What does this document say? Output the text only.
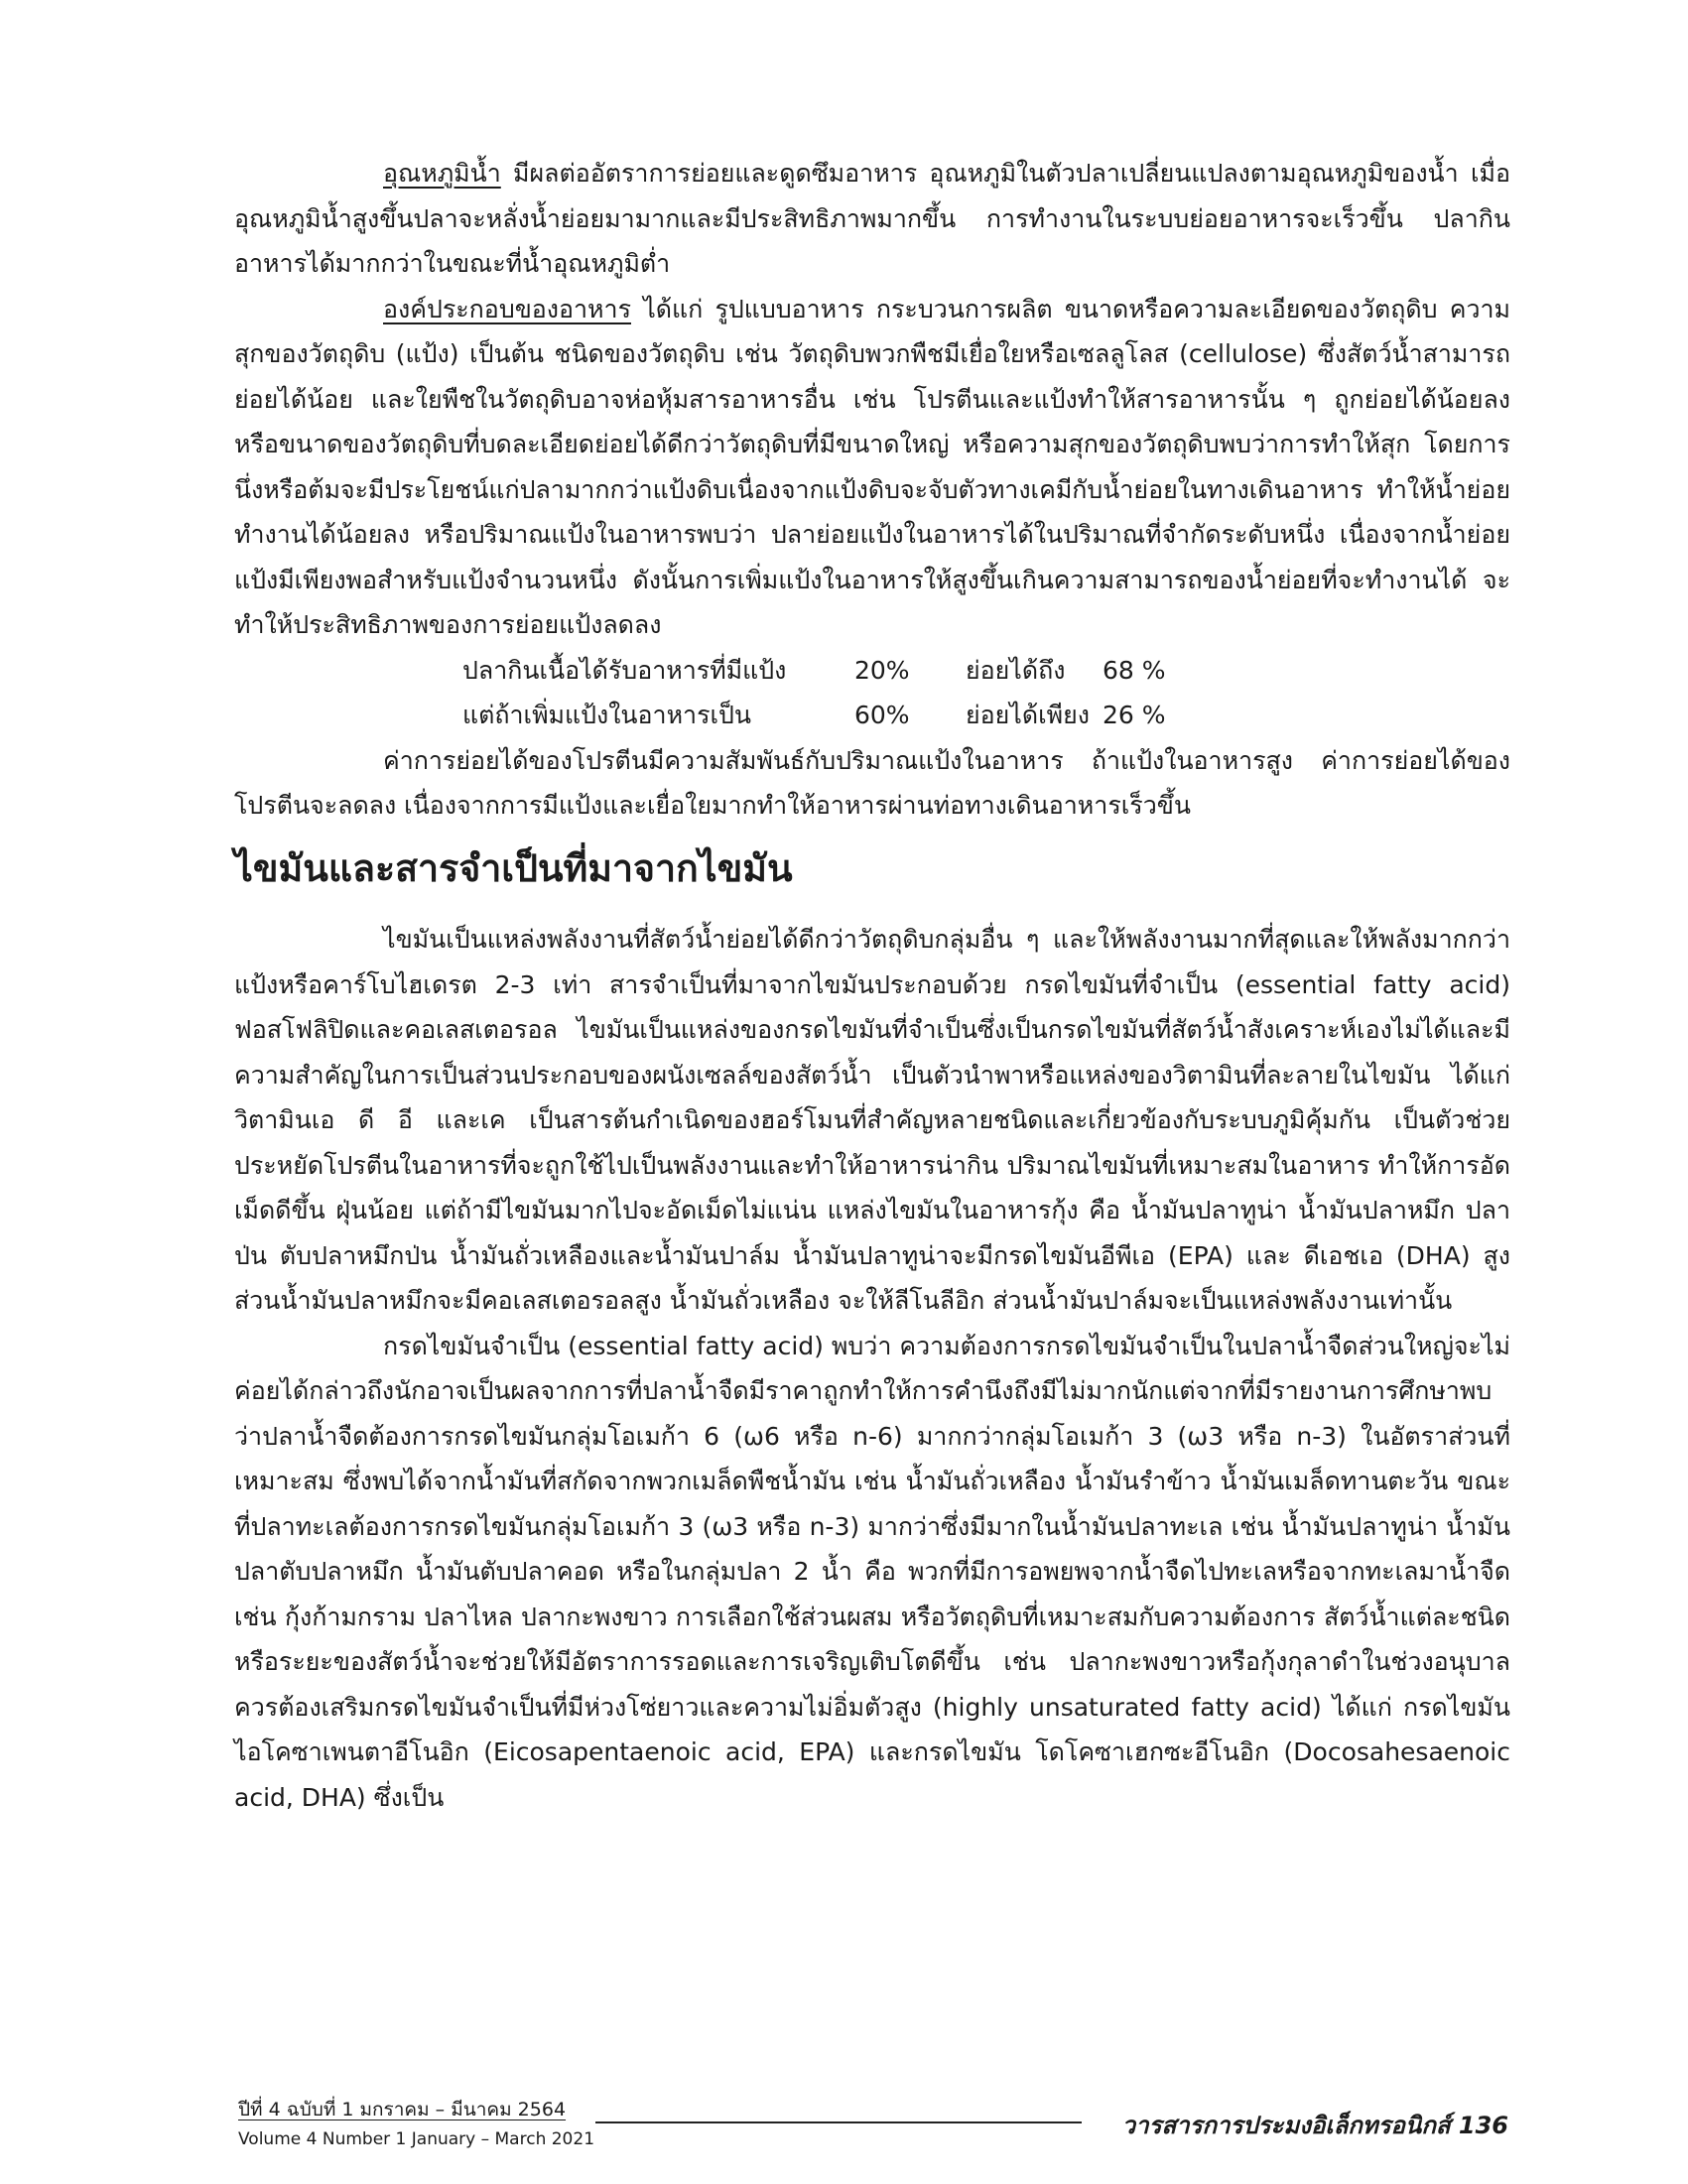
อุณหภูมิน้ำ มีผลต่ออัตราการย่อยและดูดซึมอาหาร อุณหภูมิในตัวปลาเปลี่ยนแปลงตามอุณหภูมิของน้ำ เมื่ออุณหภูมิน้ำสูงขึ้นปลาจะหลั่งน้ำย่อยมามากและมีประสิทธิภาพมากขึ้น การทำงานในระบบย่อยอาหารจะเร็วขึ้น ปลากินอาหารได้มากกว่าในขณะที่น้ำอุณหภูมิต่ำ

องค์ประกอบของอาหาร ได้แก่ รูปแบบอาหาร กระบวนการผลิต ขนาดหรือความละเอียดของวัตถุดิบ ความสุกของวัตถุดิบ (แป้ง) เป็นต้น ชนิดของวัตถุดิบ เช่น วัตถุดิบพวกพืชมีเยื่อใยหรือเซลลูโลส (cellulose) ซึ่งสัตว์น้ำสามารถย่อยได้น้อย และใยพืชในวัตถุดิบอาจห่อหุ้มสารอาหารอื่น เช่น โปรตีนและแป้งทำให้สารอาหารนั้น ๆ ถูกย่อยได้น้อยลง หรือขนาดของวัตถุดิบที่บดละเอียดย่อยได้ดีกว่าวัตถุดิบที่มีขนาดใหญ่ หรือความสุกของวัตถุดิบพบว่าการทำให้สุก โดยการนึ่งหรือต้มจะมีประโยชน์แก่ปลามากกว่าแป้งดิบเนื่องจากแป้งดิบจะจับตัวทางเคมีกับน้ำย่อยในทางเดินอาหาร ทำให้น้ำย่อยทำงานได้น้อยลง หรือปริมาณแป้งในอาหารพบว่า ปลาย่อยแป้งในอาหารได้ในปริมาณที่จำกัดระดับหนึ่ง เนื่องจากน้ำย่อยแป้งมีเพียงพอสำหรับแป้งจำนวนหนึ่ง ดังนั้นการเพิ่มแป้งในอาหารให้สูงขึ้นเกินความสามารถของน้ำย่อยที่จะทำงานได้ จะทำให้ประสิทธิภาพของการย่อยแป้งลดลง

ปลากินเนื้อได้รับอาหารที่มีแป้ง	20%	ย่อยได้ถึง	68 %
แต่ถ้าเพิ่มแป้งในอาหารเป็น	60%	ย่อยได้เพียง 26 %

ค่าการย่อยได้ของโปรตีนมีความสัมพันธ์กับปริมาณแป้งในอาหาร ถ้าแป้งในอาหารสูง ค่าการย่อยได้ของโปรตีนจะลดลง เนื่องจากการมีแป้งและเยื่อใยมากทำให้อาหารผ่านท่อทางเดินอาหารเร็วขึ้น

ไขมันและสารจำเป็นที่มาจากไขมัน

ไขมันเป็นแหล่งพลังงานที่สัตว์น้ำย่อยได้ดีกว่าวัตถุดิบกลุ่มอื่น ๆ และให้พลังงานมากที่สุดและให้พลังมากกว่าแป้งหรือคาร์โบไฮเดรต 2-3 เท่า สารจำเป็นที่มาจากไขมันประกอบด้วย กรดไขมันที่จำเป็น (essential fatty acid) ฟอสโฟลิปิดและคอเลสเตอรอล ไขมันเป็นแหล่งของกรดไขมันที่จำเป็นซึ่งเป็นกรดไขมันที่สัตว์น้ำสังเคราะห์เองไม่ได้และมีความสำคัญในการเป็นส่วนประกอบของผนังเซลล์ของสัตว์น้ำ เป็นตัวนำพาหรือแหล่งของวิตามินที่ละลายในไขมัน ได้แก่ วิตามินเอ ดี อี และเค เป็นสารต้นกำเนิดของฮอร์โมนที่สำคัญหลายชนิดและเกี่ยวข้องกับระบบภูมิคุ้มกัน เป็นตัวช่วยประหยัดโปรตีนในอาหารที่จะถูกใช้ไปเป็นพลังงานและทำให้อาหารน่ากิน ปริมาณไขมันที่เหมาะสมในอาหาร ทำให้การอัดเม็ดดีขึ้น ฝุ่นน้อย แต่ถ้ามีไขมันมากไปจะอัดเม็ดไม่แน่น แหล่งไขมันในอาหารกุ้ง คือ น้ำมันปลาทูน่า น้ำมันปลาหมึก ปลาป่น ตับปลาหมึกป่น น้ำมันถั่วเหลืองและน้ำมันปาล์ม น้ำมันปลาทูน่าจะมีกรดไขมันอีพีเอ (EPA) และ ดีเอชเอ (DHA) สูง ส่วนน้ำมันปลาหมึกจะมีคอเลสเตอรอลสูง น้ำมันถั่วเหลือง จะให้ลีโนลีอิก ส่วนน้ำมันปาล์มจะเป็นแหล่งพลังงานเท่านั้น

กรดไขมันจำเป็น (essential fatty acid) พบว่า ความต้องการกรดไขมันจำเป็นในปลาน้ำจืดส่วนใหญ่จะไม่ค่อยได้กล่าวถึงนักอาจเป็นผลจากการที่ปลาน้ำจืดมีราคาถูกทำให้การคำนึงถึงมีไม่มากนักแต่จากที่มีรายงานการศึกษาพบว่าปลาน้ำจืดต้องการกรดไขมันกลุ่มโอเมก้า 6 (ω6 หรือ n-6) มากกว่ากลุ่มโอเมก้า 3 (ω3 หรือ n-3) ในอัตราส่วนที่เหมาะสม ซึ่งพบได้จากน้ำมันที่สกัดจากพวกเมล็ดพืชน้ำมัน เช่น น้ำมันถั่วเหลือง น้ำมันรำข้าว น้ำมันเมล็ดทานตะวัน ขณะที่ปลาทะเลต้องการกรดไขมันกลุ่มโอเมก้า 3 (ω3 หรือ n-3) มากว่าซึ่งมีมากในน้ำมันปลาทะเล เช่น น้ำมันปลาทูน่า น้ำมันปลาตับปลาหมึก น้ำมันตับปลาคอด หรือในกลุ่มปลา 2 น้ำ คือ พวกที่มีการอพยพจากน้ำจืดไปทะเลหรือจากทะเลมาน้ำจืด เช่น กุ้งก้ามกราม ปลาไหล ปลากะพงขาว การเลือกใช้ส่วนผสม หรือวัตถุดิบที่เหมาะสมกับความต้องการ สัตว์น้ำแต่ละชนิดหรือระยะของสัตว์น้ำจะช่วยให้มีอัตราการรอดและการเจริญเติบโตดีขึ้น เช่น ปลากะพงขาวหรือกุ้งกุลาดำในช่วงอนุบาล ควรต้องเสริมกรดไขมันจำเป็นที่มีห่วงโซ่ยาวและความไม่อิ่มตัวสูง (highly unsaturated fatty acid) ได้แก่ กรดไขมันไอโคซาเพนตาอีโนอิก (Eicosapentaenoic acid, EPA) และกรดไขมัน โดโคซาเฮกซะอีโนอิก (Docosahesaenoic acid, DHA) ซึ่งเป็น

ปีที่ 4 ฉบับที่ 1 มกราคม – มีนาคม 2564
Volume 4 Number 1 January – March 2021	วารสารการประมงอิเล็กทรอนิกส์ 136
